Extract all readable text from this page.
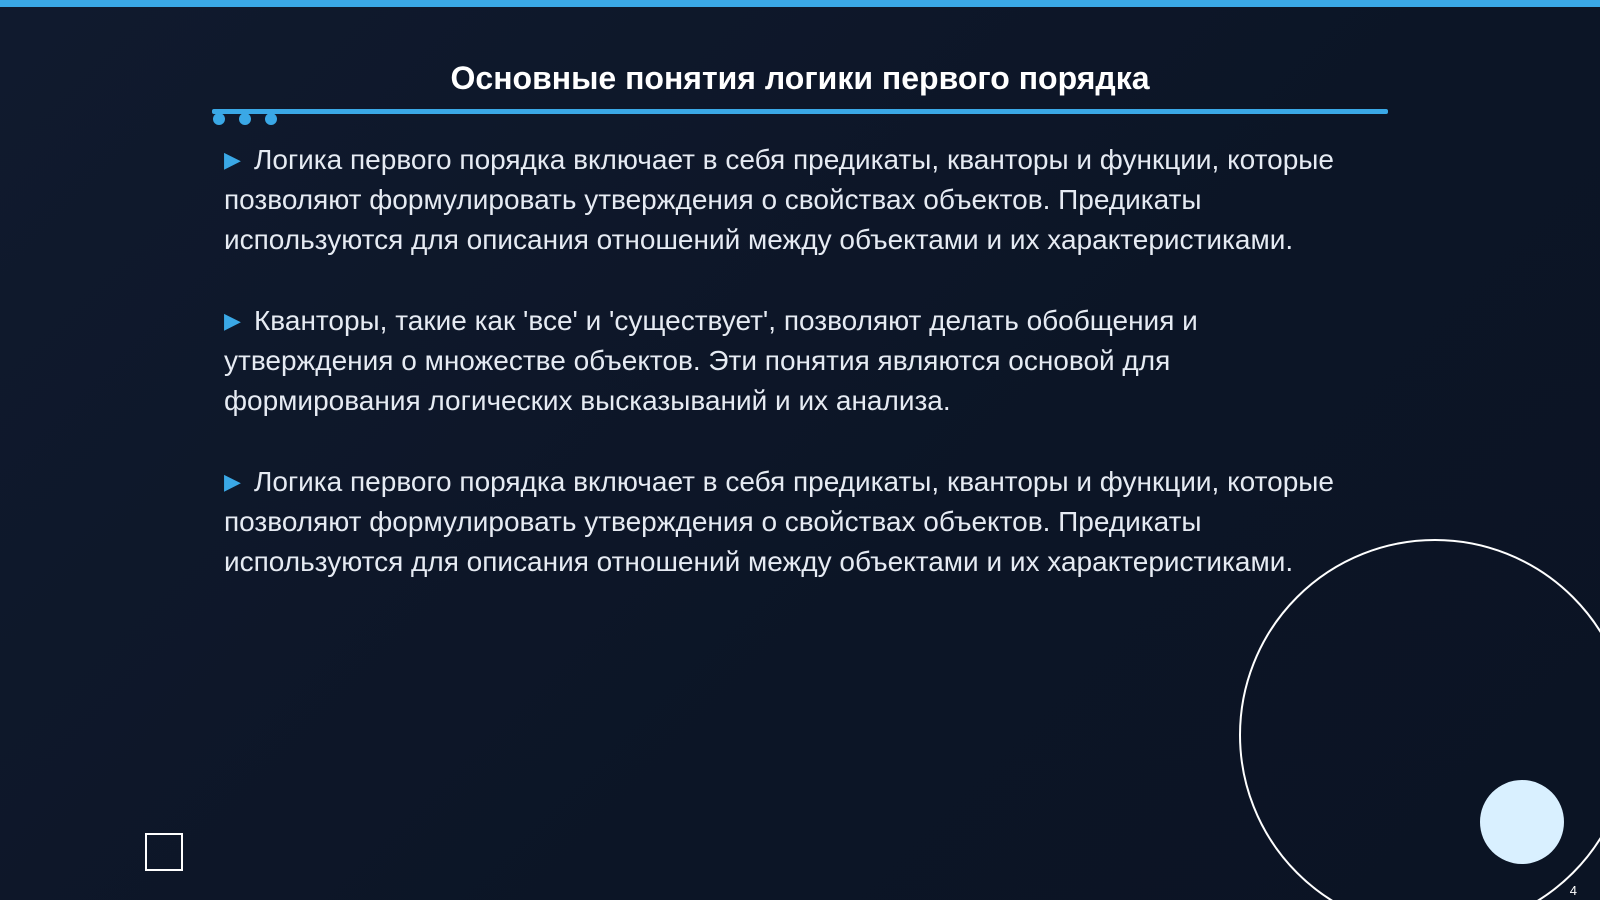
Основные понятия логики первого порядка

▶ Логика первого порядка включает в себя предикаты, кванторы и функции, которые позволяют формулировать утверждения о свойствах объектов. Предикаты используются для описания отношений между объектами и их характеристиками.

▶ Кванторы, такие как 'все' и 'существует', позволяют делать обобщения и утверждения о множестве объектов. Эти понятия являются основой для формирования логических высказываний и их анализа.

▶ Логика первого порядка включает в себя предикаты, кванторы и функции, которые позволяют формулировать утверждения о свойствах объектов. Предикаты используются для описания отношений между объектами и их характеристиками.

4
